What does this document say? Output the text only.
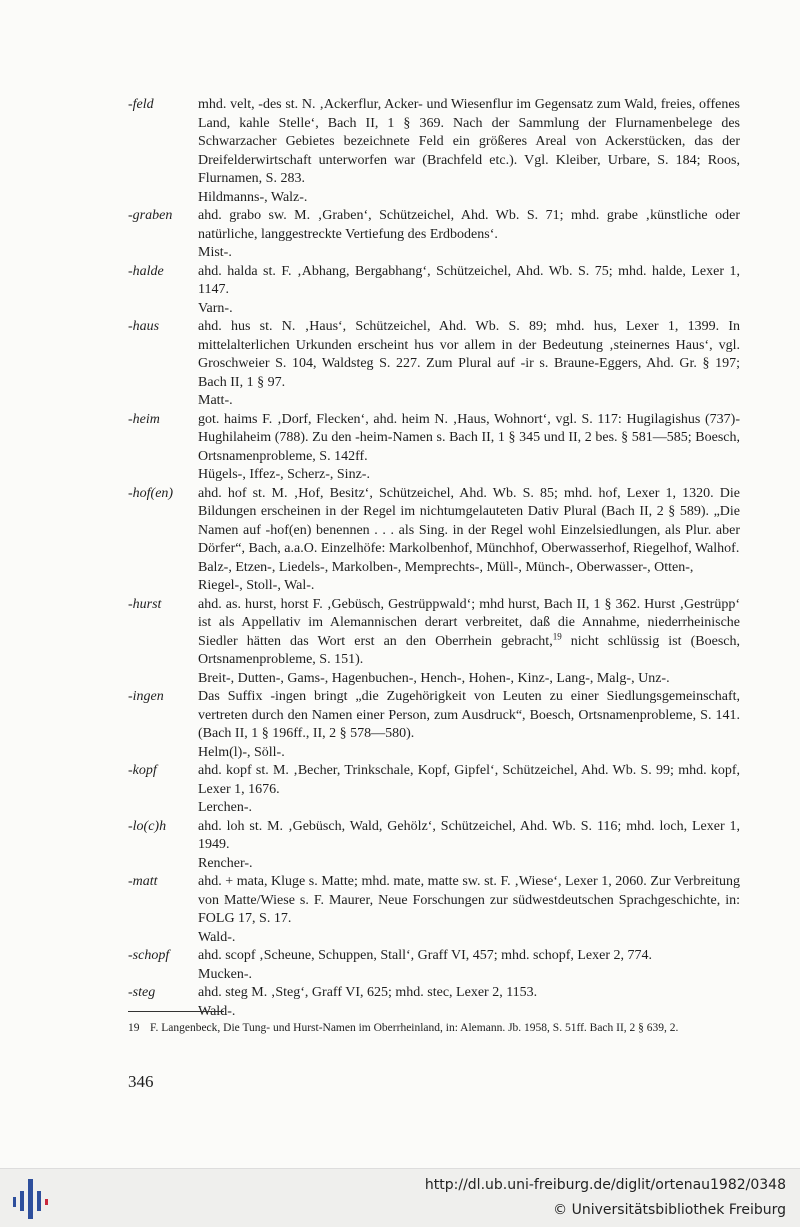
-feld	mhd. velt, -des st. N. ‚Ackerflur, Acker- und Wiesenflur im Gegensatz zum Wald, freies, offenes Land, kahle Stelle‘, Bach II, 1 § 369. Nach der Sammlung der Flurnamenbelege des Schwarzacher Gebietes bezeichnete Feld ein größeres Areal von Ackerstücken, das der Dreifelderwirtschaft unterworfen war (Brachfeld etc.). Vgl. Kleiber, Urbare, S. 184; Roos, Flurnamen, S. 283.
Hildmanns-, Walz-.
-graben	ahd. grabo sw. M. ‚Graben‘, Schützeichel, Ahd. Wb. S. 71; mhd. grabe ‚künstliche oder natürliche, langgestreckte Vertiefung des Erdbodens‘.
Mist-.
-halde	ahd. halda st. F. ‚Abhang, Bergabhang‘, Schützeichel, Ahd. Wb. S. 75; mhd. halde, Lexer 1, 1147.
Varn-.
-haus	ahd. hus st. N. ‚Haus‘, Schützeichel, Ahd. Wb. S. 89; mhd. hus, Lexer 1, 1399. In mittelalterlichen Urkunden erscheint hus vor allem in der Bedeutung ‚steinernes Haus‘, vgl. Groschweier S. 104, Waldsteg S. 227. Zum Plural auf -ir s. Braune-Eggers, Ahd. Gr. § 197; Bach II, 1 § 97.
Matt-.
-heim	got. haims F. ‚Dorf, Flecken‘, ahd. heim N. ‚Haus, Wohnort‘, vgl. S. 117: Hugilagishus (737)-Hughilaheim (788). Zu den -heim-Namen s. Bach II, 1 § 345 und II, 2 bes. § 581—585; Boesch, Ortsnamenprobleme, S. 142ff.
Hügels-, Iffez-, Scherz-, Sinz-.
-hof(en)	ahd. hof st. M. ‚Hof, Besitz‘, Schützeichel, Ahd. Wb. S. 85; mhd. hof, Lexer 1, 1320. Die Bildungen erscheinen in der Regel im nichtumgelauteten Dativ Plural (Bach II, 2 § 589). „Die Namen auf -hof(en) benennen . . . als Sing. in der Regel wohl Einzelsiedlungen, als Plur. aber Dörfer“, Bach, a.a.O. Einzelhöfe: Markolbenhof, Münchhof, Oberwasserhof, Riegelhof, Walhof.
Balz-, Etzen-, Liedels-, Markolben-, Memprechts-, Müll-, Münch-, Oberwasser-, Otten-, Riegel-, Stoll-, Wal-.
-hurst	ahd. as. hurst, horst F. ‚Gebüsch, Gestrüppwald‘; mhd hurst, Bach II, 1 § 362. Hurst ‚Gestrüpp‘ ist als Appellativ im Alemannischen derart verbreitet, daß die Annahme, niederrheinische Siedler hätten das Wort erst an den Oberrhein gebracht,$^{19}$ nicht schlüssig ist (Boesch, Ortsnamenprobleme, S. 151).
Breit-, Dutten-, Gams-, Hagenbuchen-, Hench-, Hohen-, Kinz-, Lang-, Malg-, Unz-.
-ingen	Das Suffix -ingen bringt „die Zugehörigkeit von Leuten zu einer Siedlungsgemeinschaft, vertreten durch den Namen einer Person, zum Ausdruck“, Boesch, Ortsnamenprobleme, S. 141. (Bach II, 1 § 196ff., II, 2 § 578—580).
Helm(l)-, Söll-.
-kopf	ahd. kopf st. M. ‚Becher, Trinkschale, Kopf, Gipfel‘, Schützeichel, Ahd. Wb. S. 99; mhd. kopf, Lexer 1, 1676.
Lerchen-.
-lo(c)h	ahd. loh st. M. ‚Gebüsch, Wald, Gehölz‘, Schützeichel, Ahd. Wb. S. 116; mhd. loch, Lexer 1, 1949.
Rencher-.
-matt	ahd. + mata, Kluge s. Matte; mhd. mate, matte sw. st. F. ‚Wiese‘, Lexer 1, 2060. Zur Verbreitung von Matte/Wiese s. F. Maurer, Neue Forschungen zur südwestdeutschen Sprachgeschichte, in: FOLG 17, S. 17.
Wald-.
-schopf	ahd. scopf ‚Scheune, Schuppen, Stall‘, Graff VI, 457; mhd. schopf, Lexer 2, 774.
Mucken-.
-steg	ahd. steg M. ‚Steg‘, Graff VI, 625; mhd. stec, Lexer 2, 1153.
Wald-.
19 F. Langenbeck, Die Tung- und Hurst-Namen im Oberrheinland, in: Alemann. Jb. 1958, S. 51ff. Bach II, 2 § 639, 2.
346
http://dl.ub.uni-freiburg.de/diglit/ortenau1982/0348
© Universitätsbibliothek Freiburg
